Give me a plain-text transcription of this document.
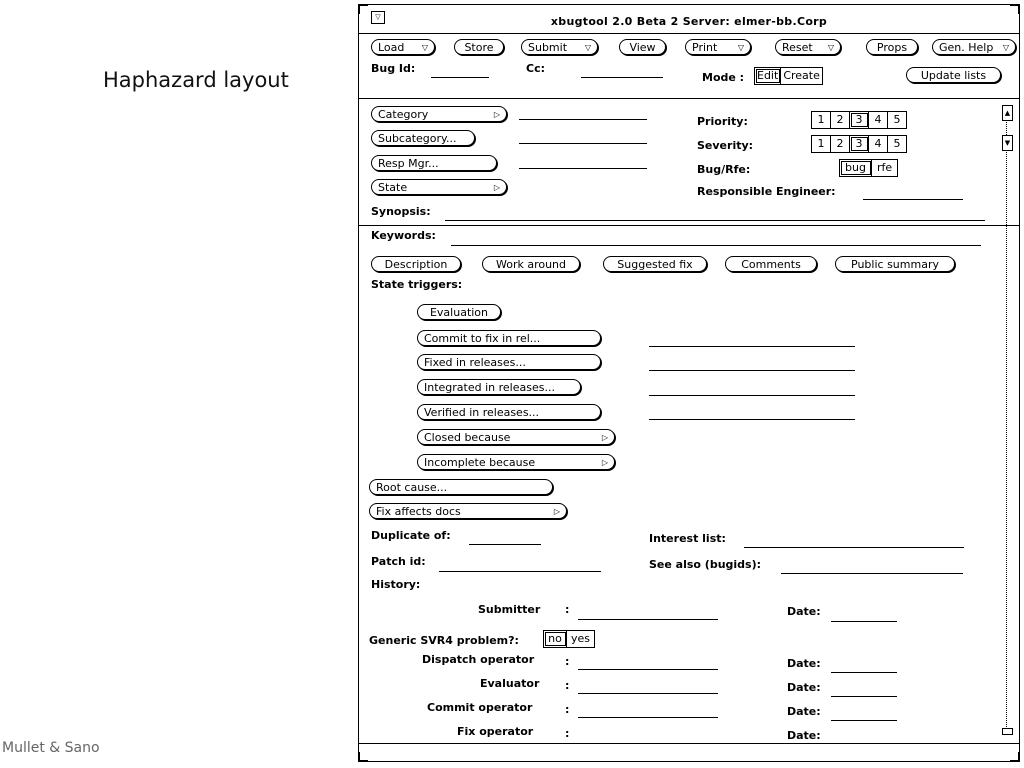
Haphazard layout
Mullet & Sano
▽	xbugtool 2.0 Beta 2 Server: elmer-bb.Corp
Load ▽	Store	Submit ▽	View	Print	▽	Reset ▽	Props	Gen. Help ▽
Bug Id:	Cc:
Mode : Edit Create	Update lists
Category	▷
Subcategory...
Resp Mgr...
State	▷
Priority:	1	2	3	4	5
Severity:	1	2	3	4	5
Bug/Rfe:	bug	rfe
Responsible Engineer:
Synopsis:
Keywords:
Description	Work around	Suggested fix	Comments	Public summary
State triggers:
Evaluation
Commit to fix in rel...
Fixed in releases...
Integrated in releases...
Verified in releases...
Closed because	▷
Incomplete because	▷
Root cause...
Fix affects docs	▷
Duplicate of:	Interest list:
Patch id:	See also (bugids):
History:
Submitter :	Date:
Generic SVR4 problem?:	no yes
Dispatch operator	:	Date:
Evaluator :	Date:
Commit operator	:	Date:
Fix operator	:	Date:
▲
▼
